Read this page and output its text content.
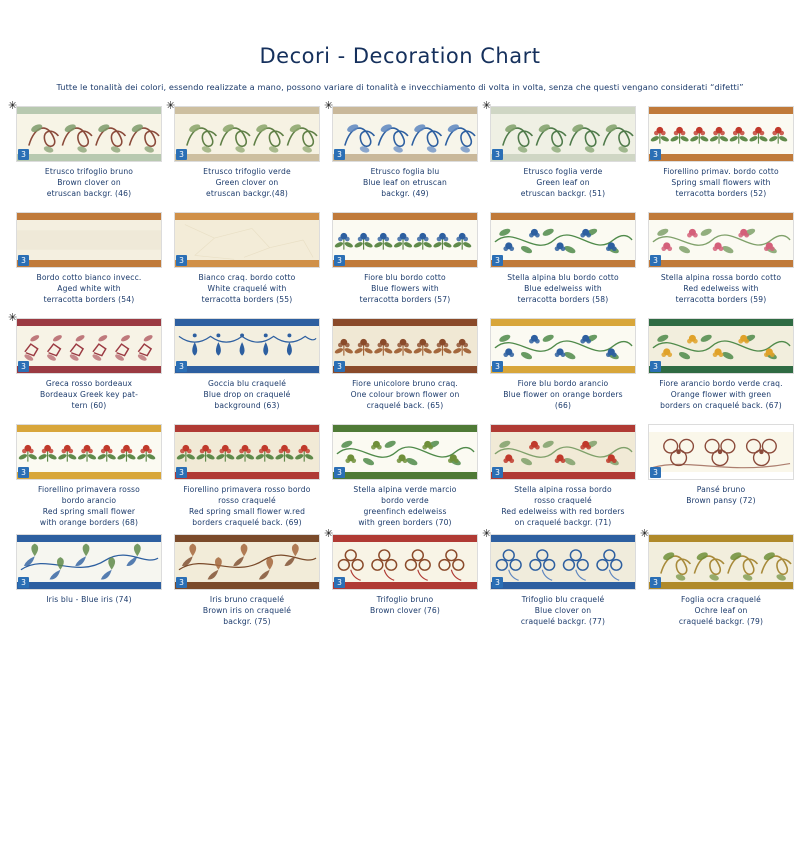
Decori - Decoration Chart
Tutte le tonalità dei colori, essendo realizzate a mano, possono variare di tonalità e invecchiamento di volta in volta, senza che questi vengano considerati “difetti”
✳
3
Etrusco trifoglio bruno
Brown clover on
etruscan backgr. (46)
✳
3
Etrusco trifoglio verde
Green clover on
etruscan backgr.(48)
✳
3
Etrusco foglia blu
Blue leaf on etruscan
backgr. (49)
✳
3
Etrusco foglia verde
Green leaf on
etruscan backgr. (51)
3
Fiorellino primav. bordo cotto
Spring small flowers with
terracotta borders (52)
3
Bordo cotto bianco invecc.
Aged white with
terracotta borders (54)
3
Bianco craq. bordo cotto
White craquelé with
terracotta borders (55)
3
Fiore blu bordo cotto
Blue flowers with
terracotta borders (57)
3
Stella alpina blu bordo cotto
Blue edelweiss with
terracotta borders (58)
3
Stella alpina rossa bordo cotto
Red edelweiss with
terracotta borders (59)
✳
3
Greca rosso bordeaux
Bordeaux Greek key pat-
tern (60)
3
Goccia blu craquelé
Blue drop on craquelé
background (63)
3
Fiore unicolore bruno craq.
One colour brown flower on
craquelé back. (65)
3
Fiore blu bordo arancio
Blue flower on orange borders
(66)
3
Fiore arancio bordo verde craq.
Orange flower with green
borders on craquelé back. (67)
3
Fiorellino primavera rosso
bordo arancio
Red spring small flower
with orange borders (68)
3
Fiorellino primavera rosso bordo
rosso craquelé
Red spring small flower w.red
borders craquelé back. (69)
3
Stella alpina verde marcio
bordo verde
greenfinch edelweiss
with green borders (70)
3
Stella alpina rossa bordo
rosso craquelé
Red edelweiss with red borders
on craquelé backgr. (71)
3
Pansé bruno
Brown pansy (72)
3
Iris blu - Blue iris (74)
3
Iris bruno craquelé
Brown iris on craquelé
backgr. (75)
✳
3
Trifoglio bruno
Brown clover (76)
✳
3
Trifoglio blu craquelé
Blue clover on
craquelé backgr. (77)
✳
3
Foglia ocra craquelé
Ochre leaf on
craquelé backgr. (79)
